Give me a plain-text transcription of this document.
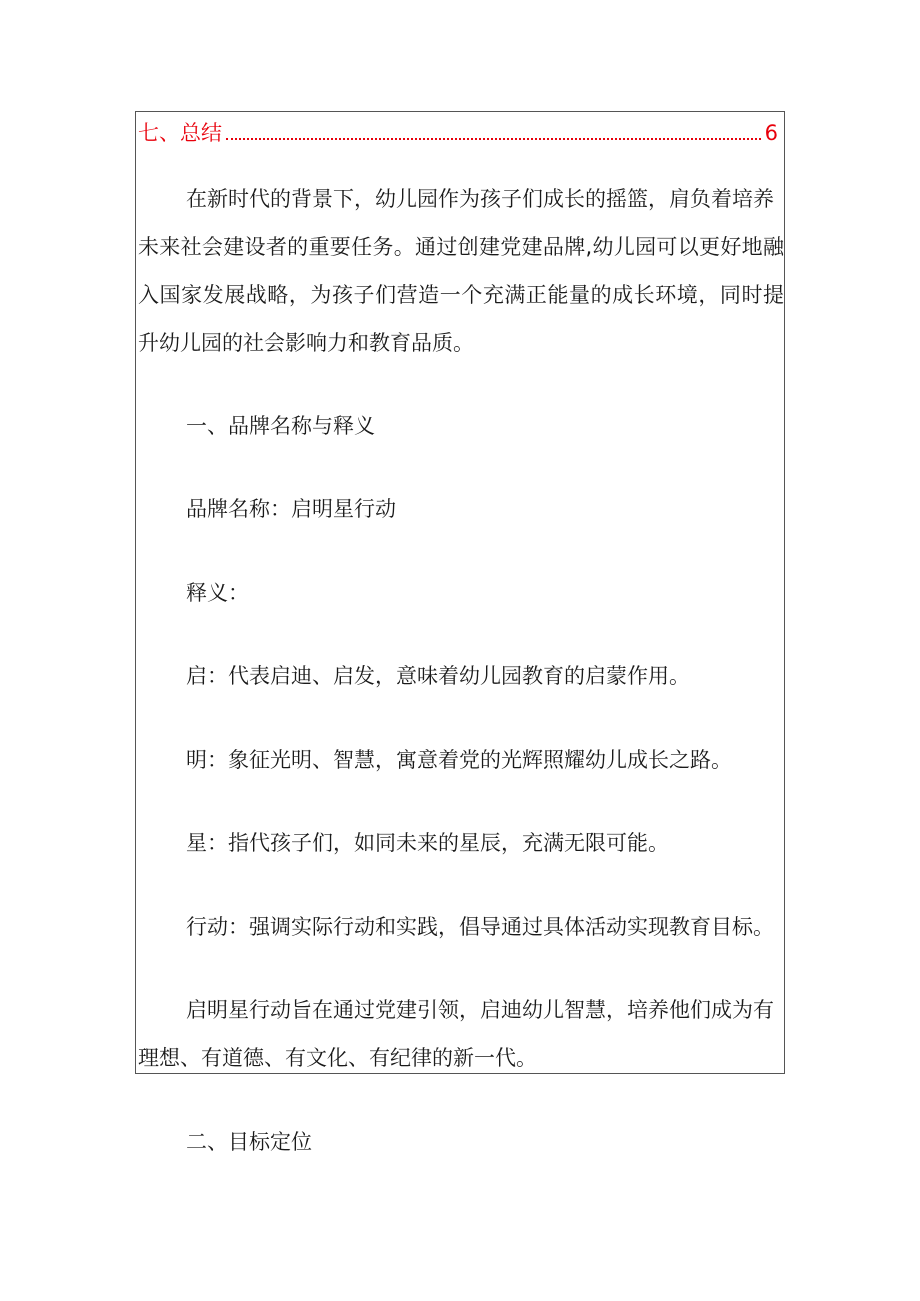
七、总结	6
在新时代的背景下，幼儿园作为孩子们成长的摇篮，肩负着培养
未来社会建设者的重要任务。通过创建党建品牌,幼儿园可以更好地融
入国家发展战略，为孩子们营造一个充满正能量的成长环境，同时提
升幼儿园的社会影响力和教育品质。
一、品牌名称与释义
品牌名称：启明星行动
释义：
启：代表启迪、启发，意味着幼儿园教育的启蒙作用。
明：象征光明、智慧，寓意着党的光辉照耀幼儿成长之路。
星：指代孩子们，如同未来的星辰，充满无限可能。
行动：强调实际行动和实践，倡导通过具体活动实现教育目标。
启明星行动旨在通过党建引领，启迪幼儿智慧，培养他们成为有
理想、有道德、有文化、有纪律的新一代。
二、目标定位
